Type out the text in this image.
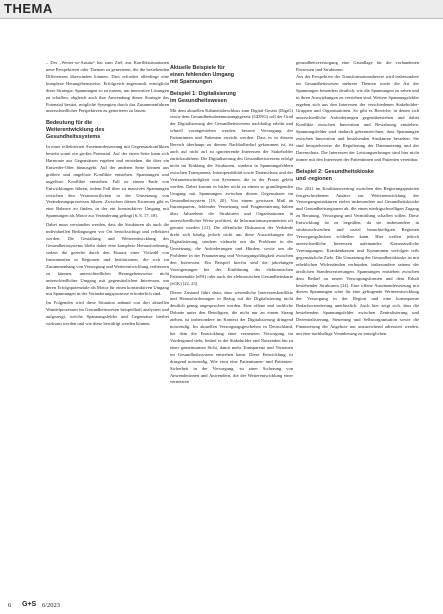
THEMA

– Der „Weiter-so-Ansatz“ hat zum Ziel, aus Konfliktsituationen neue Perspektiven oder Themen zu generieren, die die bestehenden Differenzen überwinden können. Dies erfordert allerdings eine komplexe Herangehensweise. Erfolgreich angewandt, ermöglicht diese Strategie, Spannungen so zu nutzen, um innovative Lösungen zu schaffen, obgleich auch ihre Anwendung dieser Strategie das Potenzial besitzt, mögliche Synergien durch das Zusammenführen unterschiedlicher Perspektiven zu generieren zu lassen.

Bedeutung für die
Weiterentwicklung des
Gesundheitssystems

In einer reflektierten Auseinandersetzung mit Gegensatzkonflikten besteht somit ein großes Potenzial. Auf der einen Seite kann sich Harmonie aus Gegensätzen ergeben und entstehen, die über ein Entweder-Oder hinausgeht. Auf der anderen Seite können aus größere und ungelöste Konflikte entstehen. Spannungen und ungelöste Konflikte entstehen. Fall zu einem Ende von Entwicklungen führen, indem Fall über zu massiven Spannungen zwischen den Verantwortlichen in der Umsetzung von Veränderungsprozessen führen. Zwischen diesen Extremen gibt es eine Balance zu finden, in der ein konstruktiver Umgang mit Spannungen als Motor zur Veränderung gelingt [6, 8, 17, 18].

Dabei muss verstanden werden, dass die Strukturen als auch die individuellen Bedingungen vor Ort berücksichtigt und reflektiert werden. Die Gestaltung und Weiterentwicklung des Gesundheitssystems bleibt daher eine komplexe Herausforderung, sodass die gezielte durch den Einsatz einer Vielzahl von Instrumenten in Regionen und Institutionen, die sich im Zusammenhang von Versorgung und Weiterentwicklung verbessern zu können, unterschiedlicher Herangehensweise nicht unterschiedlicher Umgang mit gegensätzlichen Interessen, um deren Erfolgspotenziale als Motor für einen konstruktiven Umgang mit Spannungen in der Veränderungsprozesse erforderlich sind.

Im Folgenden wird diese Situation anhand von drei aktuellen Wandelprozessen im Gesundheitswesen beispielhaft analysiert und aufgezeigt, welche Spannungsfelder und Gegensätze hierbei wirksam werden und wie diese bewältigt werden können.

Aktuelle Beispiele für
einen fehlenden Umgang
mit Spannungen
Beispiel 1: Digitalisierung
im Gesundheitswesen

Mit dem aktuellen Kabinettsbeschluss zum Digital-Gesetz (DigiG) sowie dem Gesundheitsdatennutzungsgesetz (GDNG) soll der Grad der Digitalisierung des Gesundheitswesens nachhaltig erhöht und schnell vorangetrieben werden, bessere Versorgung der Patientinnen und Patienten erreicht werden. Dass es in diesem Bereich überhaupt zu diesem Nachholbedarf gekommen ist, ist auch auf nicht auf zu ignorierende Interessen der Stakeholder zurückzuführen. Die Digitalisierung des Gesundheitswesens erfolgt nicht im Einklang der Strukturen, sondern in Spannungsfeldern zwischen Transparenz, Interoperabilität sowie Datenschutz und der Vertrauenswürdigkeit von Systemen, die in der Praxis gelebt werden. Dabei kommt es bisher nicht zu einem so grundlegenden Umgang mit Spannungen zwischen diesen Gegensätzen im Gesundheitssystem [19, 20]. Von einem gewissen Maß an Intransparenz, fehlender Vernetzung und Fragmentierung haben über Jahrzehnte die Strukturen und Organisationen in unterschiedlicher Weise profitiert, da Informationsasymmetrien oft genutzt wurden [21]. Die öffentliche Diskussion der Verbände dreht sich häufig jedoch nicht um diese Auswirkungen der Digitalisierung, sondern vielmehr um die Probleme in der Umsetzung, die Anforderungen und Hürden, sowie um die Probleme in der Finanzierung und Versorgungsfähigkeit zwischen den Interessen. Ein Beispiel hierfür sind die jahrelangen Verzögerungen bei der Einführung der elektronischen Patientenakte (ePA) oder auch der elektronischen Gesundheitskarte (eGK) [22, 23].

Dieser Zustand führt dazu, dass wesentliche Interessenkonflikte und Herausforderungen in Bezug auf die Digitalisierung nicht deutlich genug angesprochen werden. Eine offene und sachliche Debatte unter den Beteiligten, die nicht nur an einem Strang ziehen, ist insbesondere im Kontext der Digitalisierung dringend notwendig. Im aktuellen Versorgungsgeschehen in Deutschland, bei dem die Entwicklung einer vernetzten Versorgung im Vordergrund steht, bedarf es der Stakeholder und Nutzenden hin zu einer gemeinsamen Sicht, damit mehr Transparenz und Vertrauen im Gesundheitssystem entstehen kann. Diese Entwicklung ist dringend notwendig. Wie etwa eine Patientinnen- und Patienten-Sicherheit in der Versorgung, zu einer Sicherung von Anwenderinnen und Anwendern, die der Weiterentwicklung einer vernetzten

gesundheitsversorgung eine Grundlage für die vorhandenen Prozessen und Strukturen.
Aus der Perspektive der Transformationstheorie wird insbesondere im Gesundheitswesen mehrere Themen sowie die Art der Spannungen besonders deutlich, wie die Spannungen zu sehen und in ihren Auswirkungen zu verstehen sind. Weitere Spannungsfelder ergeben sich aus den Interessen der verschiedenen Stakeholder-Gruppen und Organisationen. So gibt es Bereiche, in denen sich unterschiedliche Anforderungen gegenüberstehen und dabei Konflikte zwischen Innovation und Bewahrung entstehen. Spannungsfelder sind dadurch gekennzeichnet, dass Spannungen zwischen Innovation und bestehenden Strukturen bestehen. Sie sind beispielsweise die Regulierung der Datennutzung und der Datenschutz. Die Interessen der Leistungserbringer sind hier nicht immer mit den Interessen der Patientinnen und Patienten vereinbar.

Beispiel 2: Gesundheitskioske
und -regionen

Die 2021 im Koalitionsvertrag zwischen den Regierungsparteien festgeschriebenen Ansätze zur Weiterentwicklung der Versorgungsstrukturen zielen insbesondere auf Gesundheitskioske und Gesundheitsregionen ab, die einen niedrigschwelligen Zugang zu Beratung, Versorgung und Vermittlung schaffen sollen. Diese Entwicklung ist zu begrüßen, da sie insbesondere in strukturschwachen und sozial benachteiligten Regionen Versorgungslücken schließen kann. Hier treffen jedoch unterschiedliche Interessen aufeinander: Kassenärztliche Vereinigungen, Krankenkassen und Kommunen verfolgen teils gegensätzliche Ziele. Die Umsetzung der Gesundheitskioske ist mit erheblichen Widerständen verbunden, insbesondere seitens der ärztlichen Standesvertretungen. Spannungen entstehen zwischen dem Bedarf an neuen Versorgungsformen und dem Erhalt bestehender Strukturen [24]. Eine offene Auseinandersetzung mit diesen Spannungen wäre für eine gelingende Weiterentwicklung der Versorgung in der Region und eine konsequente Bedarfsorientierung unerlässlich. Auch hier zeigt sich, dass die bestehenden Spannungsfelder zwischen Zentralisierung und Dezentralisierung, Steuerung und Selbstorganisation sowie die Finanzierung der Angebote nur unzureichend adressiert werden, um eine nachhaltige Verankerung zu ermöglichen.

6 G+S 6/2023
